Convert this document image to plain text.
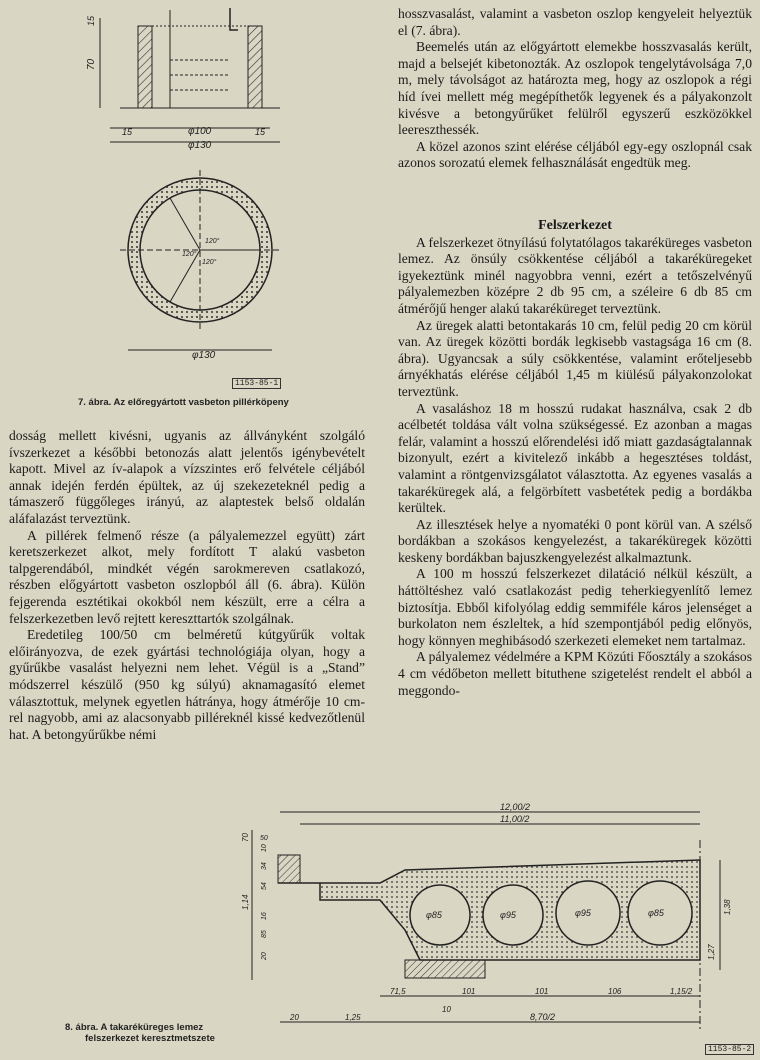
70
15
15	15
φ100
φ130
120°
120°
120°
φ130
1153-85-1
7. ábra. Az előregyártott vasbeton pillérköpeny

hosszvasalást, valamint a vasbeton oszlop kengyeleit helyeztük el (7. ábra).

Beemelés után az előgyártott elemekbe hosszvasalás került, majd a belsejét kibetonozták. Az oszlopok tengelytávolsága 7,0 m, mely távolságot az határozta meg, hogy az oszlopok a régi híd ívei mellett még megépíthetők legyenek és a pályakonzolt kivésve a betongyűrűket felülről egyszerű eszközökkel leereszthessék.

A közel azonos szint elérése céljából egy-egy oszlopnál csak azonos sorozatú elemek felhasználását engedtük meg.

Felszerkezet

A felszerkezet ötnyílású folytatólagos takaréküreges vasbeton lemez. Az önsúly csökkentése céljából a takaréküregeket igyekeztünk minél nagyobbra venni, ezért a tetőszelvényű pályalemezben középre 2 db 95 cm, a széleire 6 db 85 cm átmérőjű henger alakú takaréküreget terveztünk.

Az üregek alatti betontakarás 10 cm, felül pedig 20 cm körül van. Az üregek közötti bordák legkisebb vastagsága 16 cm (8. ábra). Ugyancsak a súly csökkentése, valamint erőteljesebb árnyékhatás elérése céljából 1,45 m kiülésű pályakonzolokat terveztünk.

A vasaláshoz 18 m hosszú rudakat használva, csak 2 db acélbetét toldása vált volna szükségessé. Ez azonban a magas felár, valamint a hosszú előrendelési idő miatt gazdaságtalannak bizonyult, ezért a kivitelező inkább a hegesztéses toldást, valamint a röntgenvizsgálatot választotta. Az egyenes vasalás a takaréküregek alá, a felgörbített vasbetétek pedig a bordákba kerültek.

Az illesztések helye a nyomatéki 0 pont körül van. A szélső bordákban a szokásos kengyelezést, a takaréküregek közötti keskeny bordákban bajuszkengyelezést alkalmaztunk.

A 100 m hosszú felszerkezet dilatáció nélkül készült, a háttöltéshez való csatlakozást pedig teherkiegyenlítő lemez biztosítja. Ebből kifolyólag eddig semmiféle káros jelenséget a burkolaton nem észleltek, a híd szempontjából pedig előnyös, hogy könnyen meghibásodó szerkezeti elemeket nem tartalmaz.

A pályalemez védelmére a KPM Közúti Főosztály a szokásos 4 cm védőbeton mellett bituthene szigetelést rendelt el abból a meggondo-

dosság mellett kivésni, ugyanis az állványként szolgáló ívszerkezet a későbbi betonozás alatt jelentős igénybevételt kapott. Mivel az ív-alapok a vízszintes erő felvétele céljából annak idején ferdén épültek, az új szekezeteknél pedig a támaszerő függőleges irányú, az alaptestek belső oldalán aláfalazást terveztünk.

A pillérek felmenő része (a pályalemezzel együtt) zárt keretszerkezet alkot, mely fordított T alakú vasbeton talpgerendából, mindkét végén sarokmereven csatlakozó, részben előgyártott vasbeton oszlopból áll (6. ábra). Külön fejgerenda esztétikai okokból nem készült, erre a célra a felszerkezetben levő rejtett kereszttartók szolgálnak.

Eredetileg 100/50 cm belméretű kútgyűrűk voltak előirányozva, de ezek gyártási technológiája olyan, hogy a gyűrűkbe vasalást helyezni nem lehet. Végül is a „Stand” módszerrel készülő (950 kg súlyú) aknamagasító elemet választottuk, melynek egyetlen hátránya, hogy átmérője 10 cm-rel nagyobb, ami az alacsonyabb pilléreknél kissé kedvezőtlenül hat. A betongyűrűkbe némi

12,00/2
11,00/2
φ85	φ95	φ95	φ85
70 50
1,14
34
54
85
20
16
10
1,38
1,27
71,5	101	101	106	1,15/2
10
20	1,25	8,70/2
8. ábra. A takaréküreges lemez
felszerkezet keresztmetszete
1153-85-2
